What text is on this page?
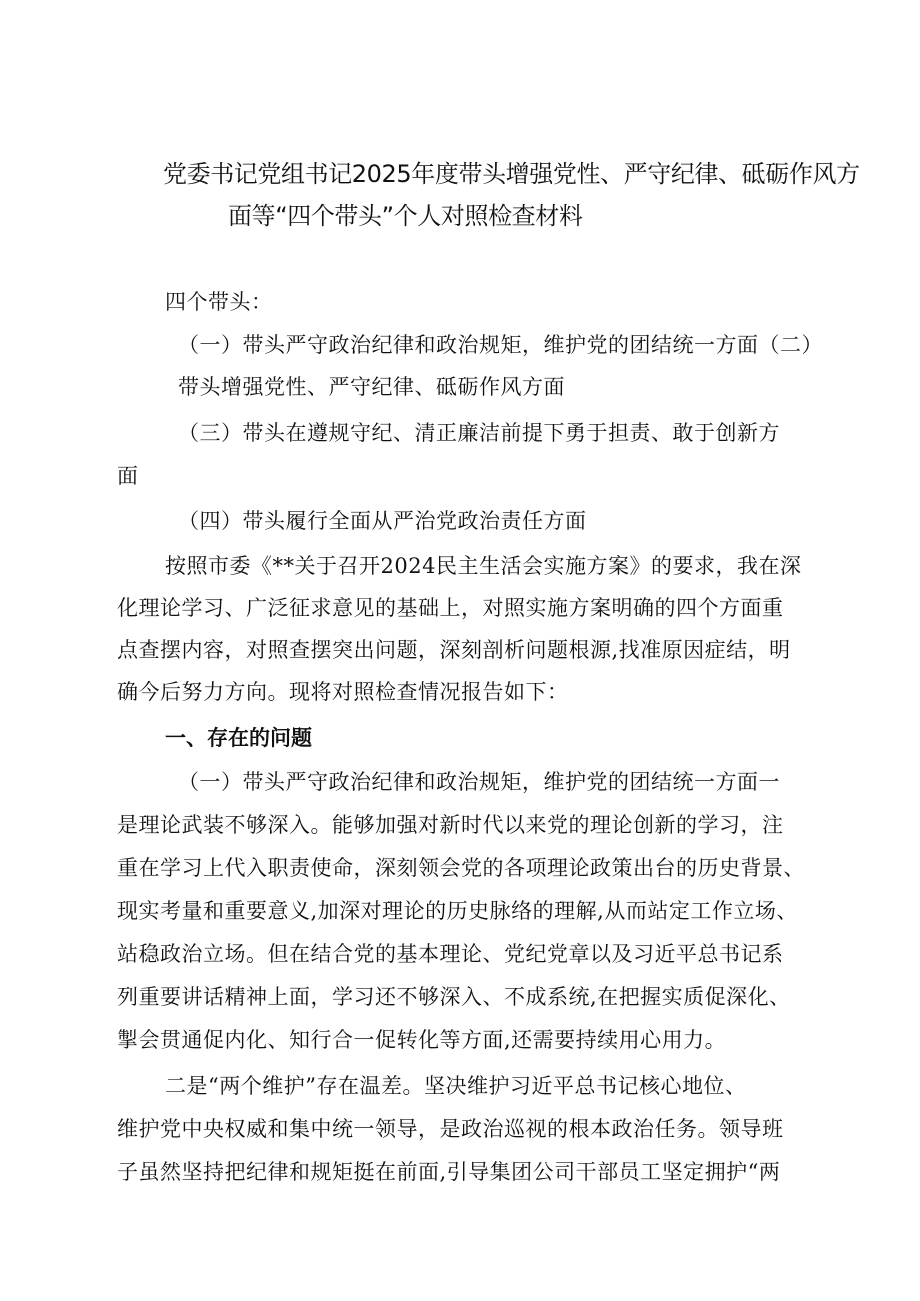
党委书记党组书记2025年度带头增强党性、严守纪律、砥砺作风方
面等“四个带头”个人对照检查材料

四个带头：

（一）带头严守政治纪律和政治规矩，维护党的团结统一方面（二）

带头增强党性、严守纪律、砥砺作风方面

（三）带头在遵规守纪、清正廉洁前提下勇于担责、敢于创新方

面

（四）带头履行全面从严治党政治责任方面

按照市委《**关于召开2024民主生活会实施方案》的要求，我在深

化理论学习、广泛征求意见的基础上，对照实施方案明确的四个方面重

点查摆内容，对照查摆突出问题，深刻剖析问题根源,找准原因症结，明

确今后努力方向。现将对照检查情况报告如下：

一、存在的问题

（一）带头严守政治纪律和政治规矩，维护党的团结统一方面一

是理论武装不够深入。能够加强对新时代以来党的理论创新的学习，注

重在学习上代入职责使命，深刻领会党的各项理论政策出台的历史背景、

现实考量和重要意义,加深对理论的历史脉络的理解,从而站定工作立场、

站稳政治立场。但在结合党的基本理论、党纪党章以及习近平总书记系

列重要讲话精神上面，学习还不够深入、不成系统,在把握实质促深化、

掣会贯通促内化、知行合一促转化等方面,还需要持续用心用力。

二是“两个维护”存在温差。坚决维护习近平总书记核心地位、

维护党中央权威和集中统一领导，是政治巡视的根本政治任务。领导班

子虽然坚持把纪律和规矩挺在前面,引导集团公司干部员工坚定拥护“两
